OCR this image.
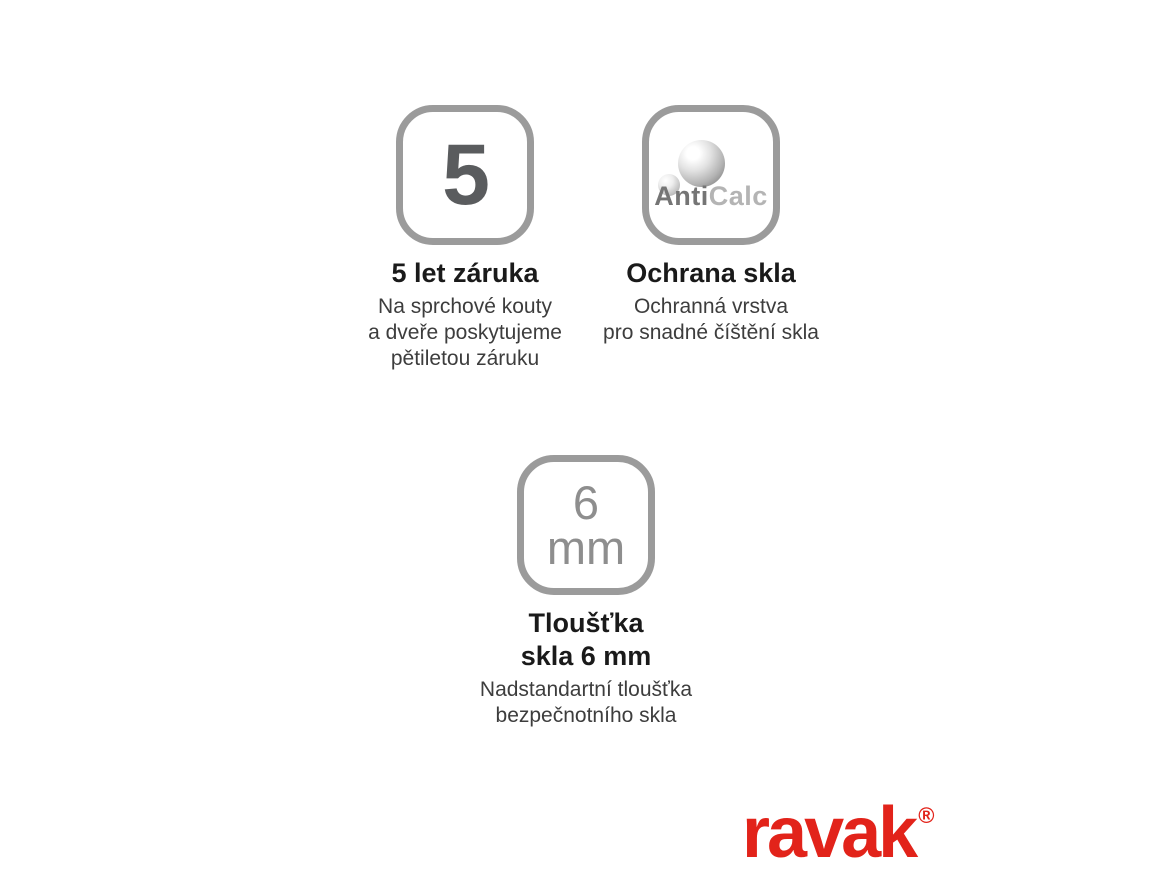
5
5 let záruka

Na sprchové kouty
a dveře poskytujeme
pětiletou záruku

AntiCalc
Ochrana skla

Ochranná vrstva
pro snadné číštění skla

6
mm
Tloušťka
skla 6 mm

Nadstandartní tloušťka
bezpečnotního skla

ravak ®
